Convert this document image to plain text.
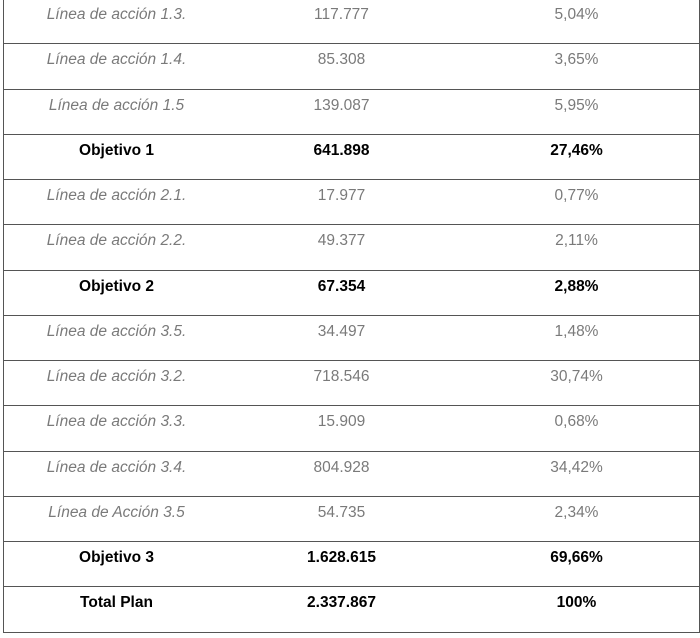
Línea de acción 1.3.	117.777	5,04%
Línea de acción 1.4.	85.308	3,65%
Línea de acción 1.5	139.087	5,95%
Objetivo 1	641.898	27,46%
Línea de acción 2.1.	17.977	0,77%
Línea de acción 2.2.	49.377	2,11%
Objetivo 2	67.354	2,88%
Línea de acción 3.5.	34.497	1,48%
Línea de acción 3.2.	718.546	30,74%
Línea de acción 3.3.	15.909	0,68%
Línea de acción 3.4.	804.928	34,42%
Línea de Acción 3.5	54.735	2,34%
Objetivo 3	1.628.615	69,66%
Total Plan	2.337.867	100%
